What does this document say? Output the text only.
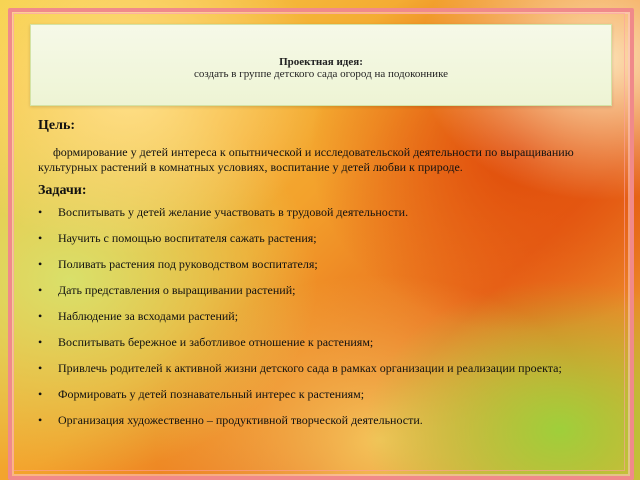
Проектная идея:
создать в группе детского сада огород на подоконнике
Цель:

формирование у детей интереса к опытнической и исследовательской деятельности по выращиванию культурных растений в комнатных условиях, воспитание у детей любви к природе.

Задачи:
• Воспитывать у детей желание участвовать в трудовой деятельности.
• Научить с помощью воспитателя сажать растения;
• Поливать растения под руководством воспитателя;
• Дать представления о выращивании растений;
• Наблюдение за всходами растений;
• Воспитывать бережное и заботливое отношение к растениям;
• Привлечь родителей к активной жизни детского сада в рамках организации и реализации проекта;
• Формировать у детей познавательный интерес к растениям;
• Организация художественно – продуктивной творческой деятельности.
